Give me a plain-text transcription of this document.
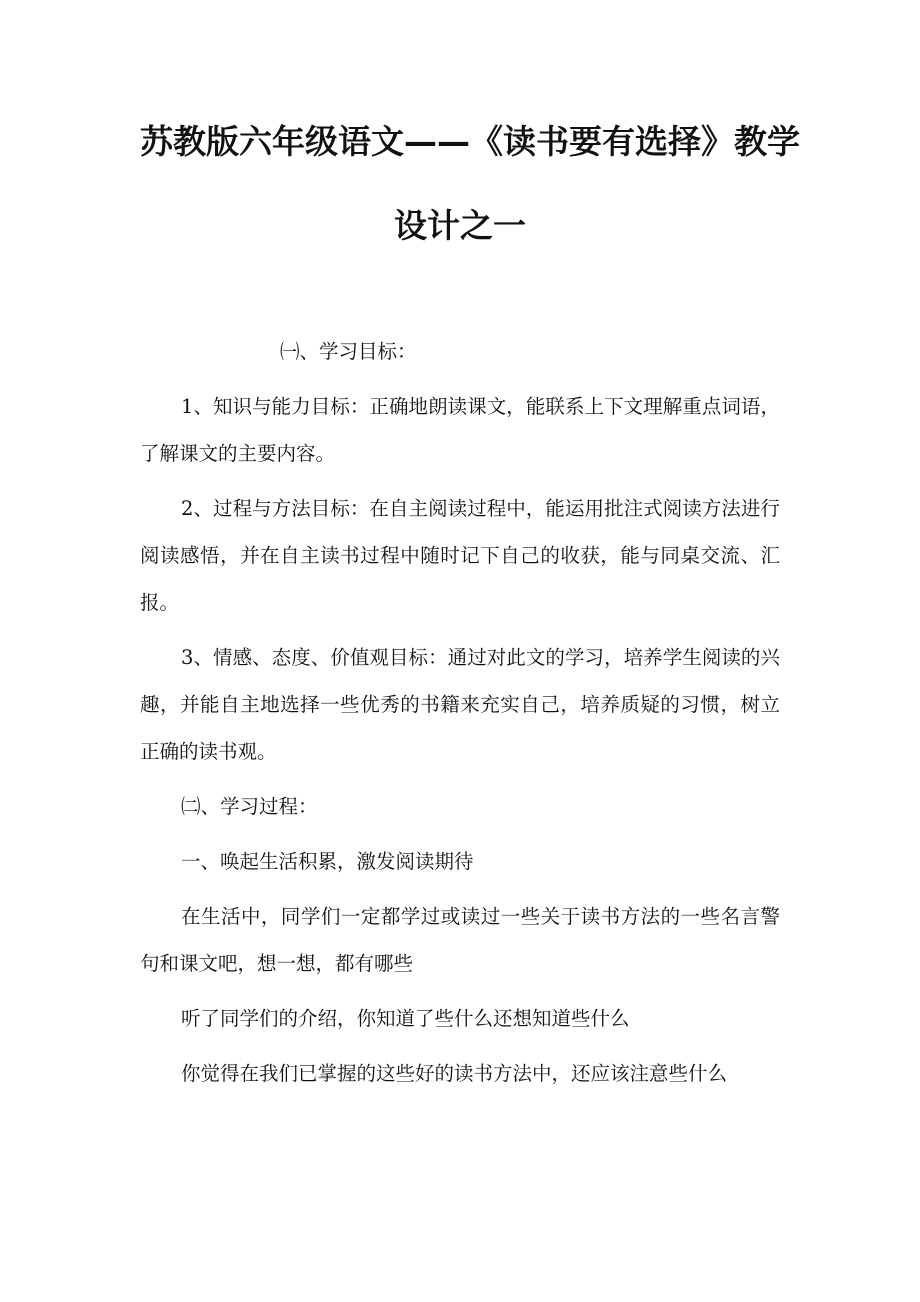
苏教版六年级语文——《读书要有选择》教学
设计之一

㈠、学习目标：

1、知识与能力目标：正确地朗读课文，能联系上下文理解重点词语，了解课文的主要内容。

2、过程与方法目标：在自主阅读过程中，能运用批注式阅读方法进行阅读感悟，并在自主读书过程中随时记下自己的收获，能与同桌交流、汇报。

3、情感、态度、价值观目标：通过对此文的学习，培养学生阅读的兴趣，并能自主地选择一些优秀的书籍来充实自己，培养质疑的习惯，树立正确的读书观。

㈡、学习过程：

一、唤起生活积累，激发阅读期待

在生活中，同学们一定都学过或读过一些关于读书方法的一些名言警句和课文吧，想一想，都有哪些

听了同学们的介绍，你知道了些什么还想知道些什么

你觉得在我们已掌握的这些好的读书方法中，还应该注意些什么
